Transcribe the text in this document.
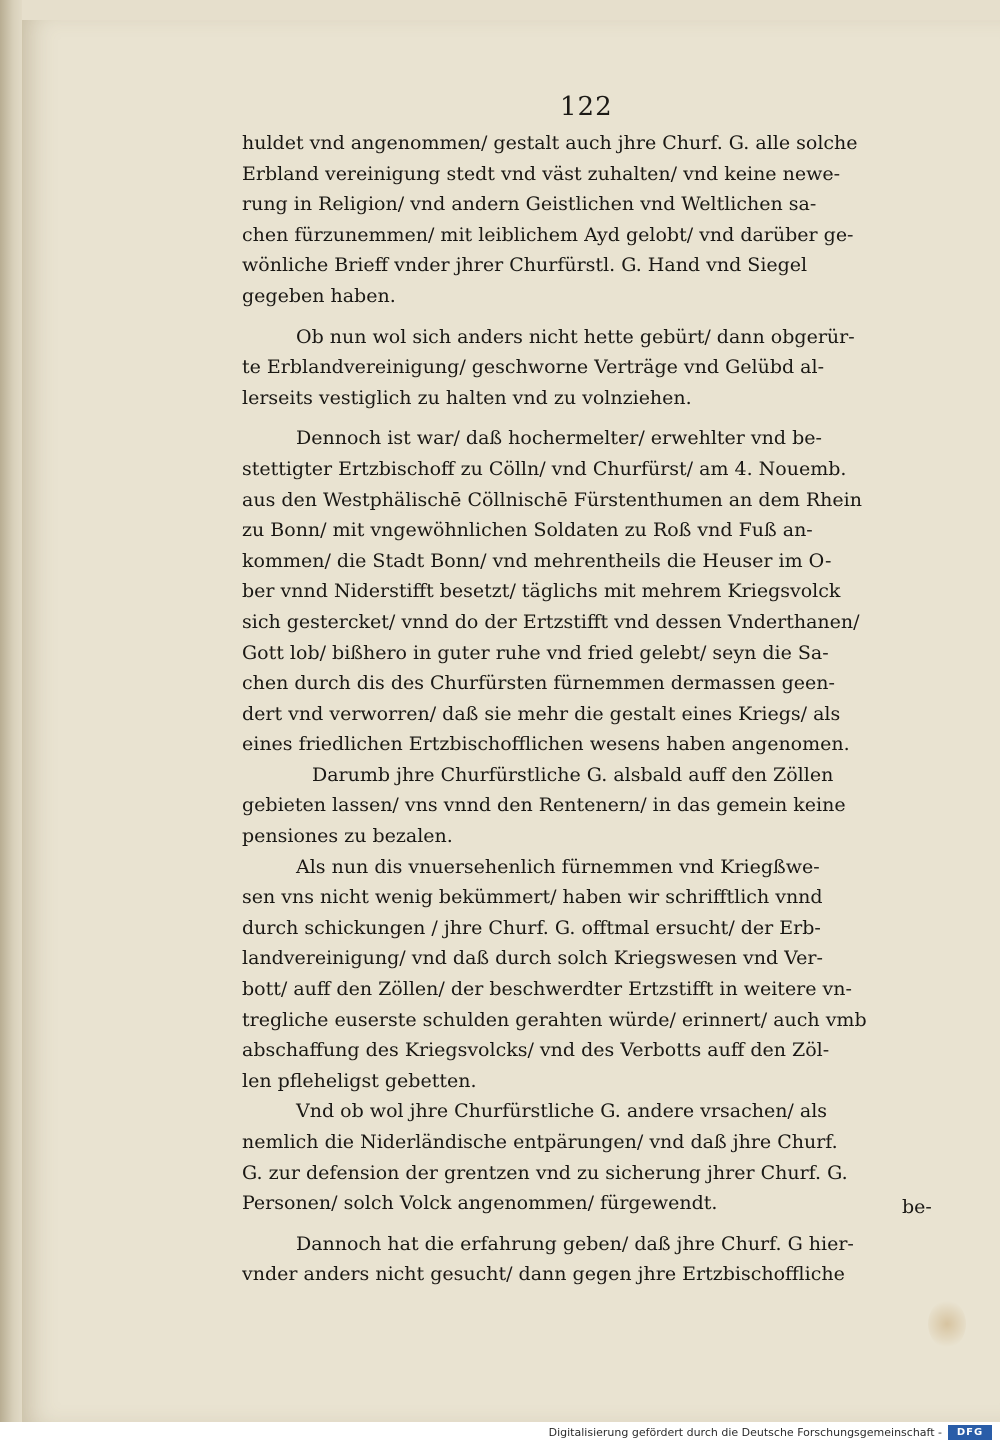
122
huldet vnd angenommen/ gestalt auch jhre Churf. G. alle solche
Erbland vereinigung stedt vnd väst zuhalten/ vnd keine newe-
rung in Religion/ vnd andern Geistlichen vnd Weltlichen sa-
chen fürzunemmen/ mit leiblichem Ayd gelobt/ vnd darüber ge-
wönliche Brieff vnder jhrer Churfürstl. G. Hand vnd Siegel
gegeben haben.
Ob nun wol sich anders nicht hette gebürt/ dann obgerür-
te Erblandvereinigung/ geschworne Verträge vnd Gelübd al-
lerseits vestiglich zu halten vnd zu volnziehen.
Dennoch ist war/ daß hochermelter/ erwehlter vnd be-
stettigter Ertzbischoff zu Cölln/ vnd Churfürst/ am 4. Nouemb.
aus den Westphälischē Cöllnischē Fürstenthumen an dem Rhein
zu Bonn/ mit vngewöhnlichen Soldaten zu Roß vnd Fuß an-
kommen/ die Stadt Bonn/ vnd mehrentheils die Heuser im O-
ber vnnd Niderstifft besetzt/ täglichs mit mehrem Kriegsvolck
sich gestercket/ vnnd do der Ertzstifft vnd dessen Vnderthanen/
Gott lob/ bißhero in guter ruhe vnd fried gelebt/ seyn die Sa-
chen durch dis des Churfürsten fürnemmen dermassen geen-
dert vnd verworren/ daß sie mehr die gestalt eines Kriegs/ als
eines friedlichen Ertzbischofflichen wesens haben angenomen.
Darumb jhre Churfürstliche G. alsbald auff den Zöllen
gebieten lassen/ vns vnnd den Rentenern/ in das gemein keine
pensiones zu bezalen.
Als nun dis vnuersehenlich fürnemmen vnd Kriegßwe-
sen vns nicht wenig bekümmert/ haben wir schrifftlich vnnd
durch schickungen / jhre Churf. G. offtmal ersucht/ der Erb-
landvereinigung/ vnd daß durch solch Kriegswesen vnd Ver-
bott/ auff den Zöllen/ der beschwerdter Ertzstifft in weitere vn-
tregliche euserste schulden gerahten würde/ erinnert/ auch vmb
abschaffung des Kriegsvolcks/ vnd des Verbotts auff den Zöl-
len pfleheligst gebetten.
Vnd ob wol jhre Churfürstliche G. andere vrsachen/ als
nemlich die Niderländische entpärungen/ vnd daß jhre Churf.
G. zur defension der grentzen vnd zu sicherung jhrer Churf. G.
Personen/ solch Volck angenommen/ fürgewendt.
Dannoch hat die erfahrung geben/ daß jhre Churf. G hier-
vnder anders nicht gesucht/ dann gegen jhre Ertzbischoffliche
be-
Digitalisierung gefördert durch die Deutsche Forschungsgemeinschaft -	DFG
